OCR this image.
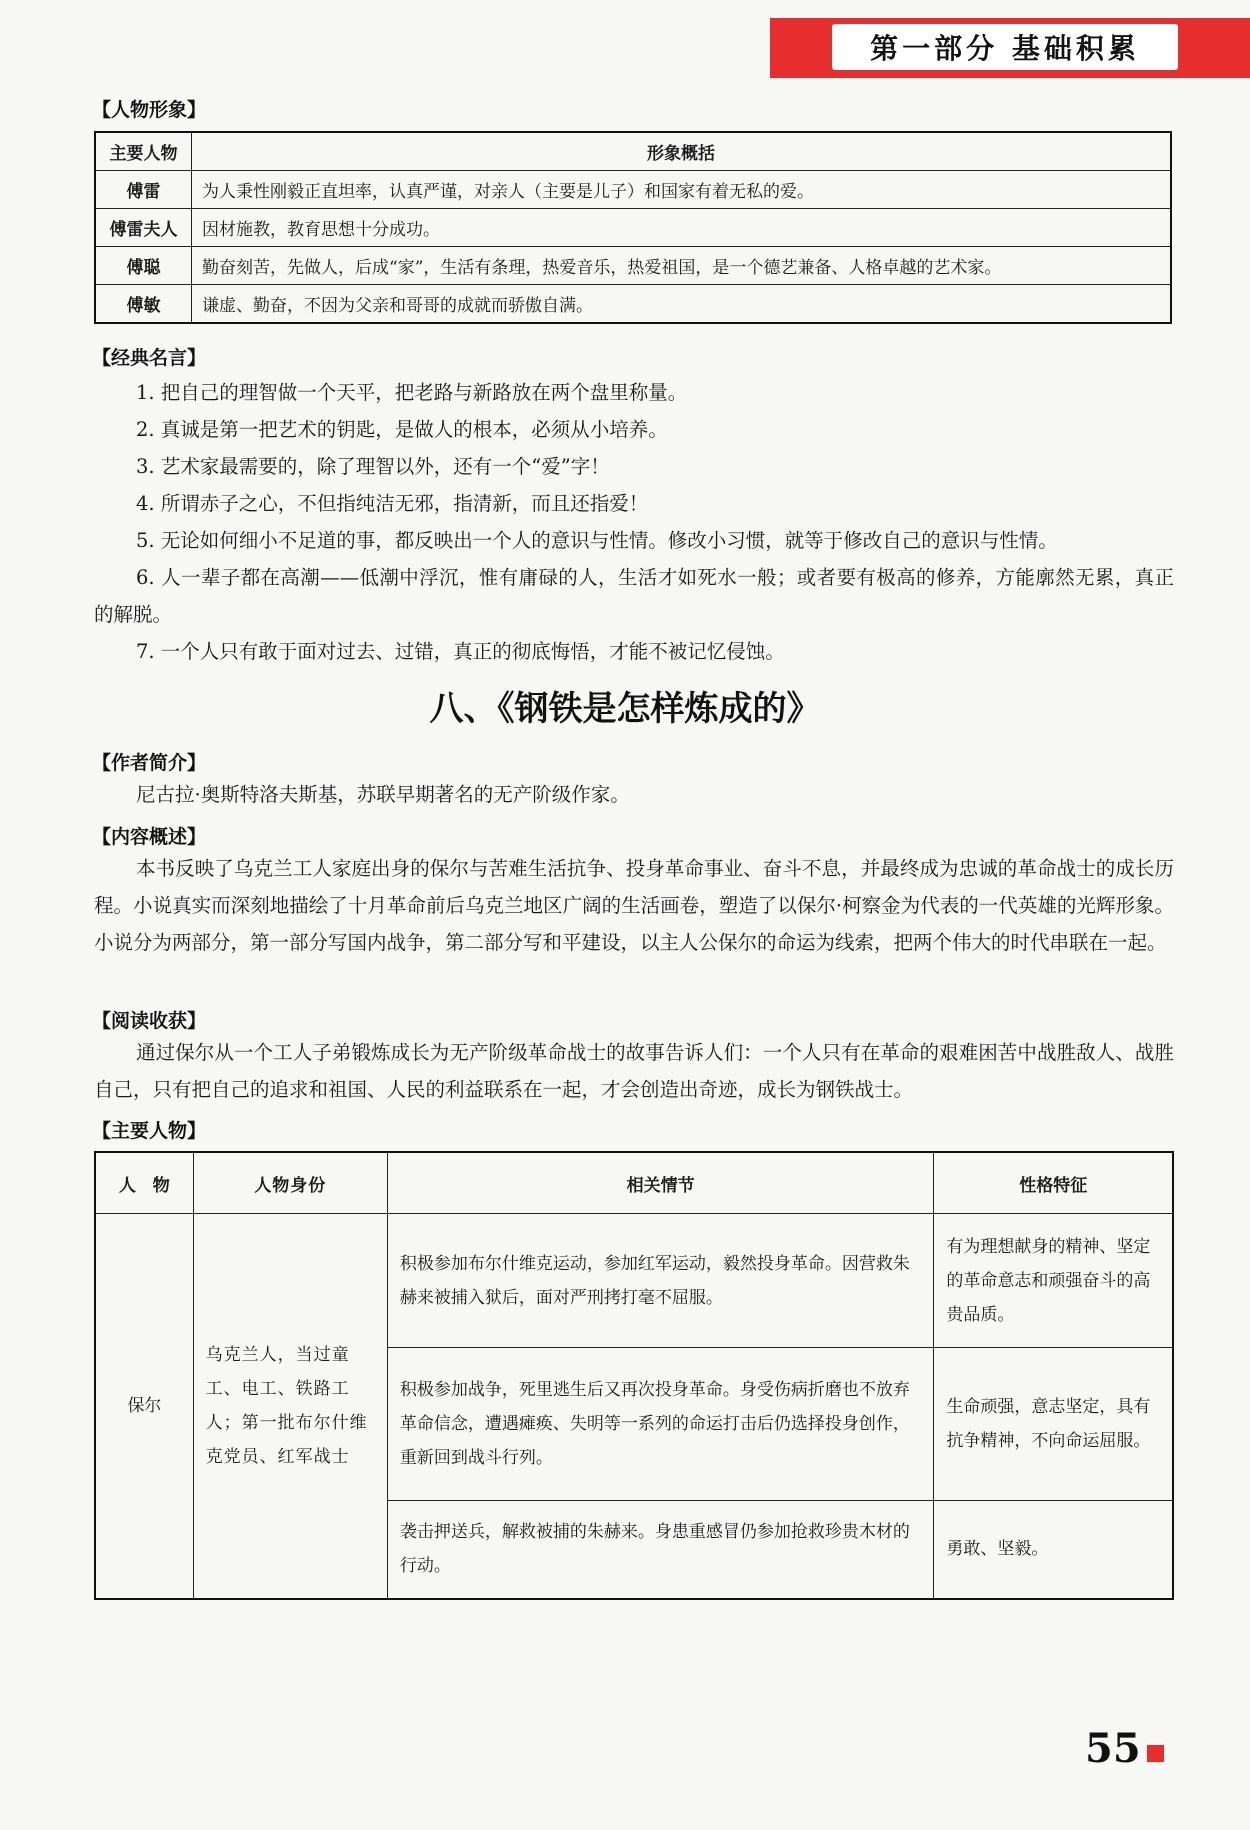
第一部分 基础积累
【人物形象】
主要人物	形象概括
傅雷	为人秉性刚毅正直坦率，认真严谨，对亲人（主要是儿子）和国家有着无私的爱。
傅雷夫人	因材施教，教育思想十分成功。
傅聪	勤奋刻苦，先做人，后成“家”，生活有条理，热爱音乐，热爱祖国，是一个德艺兼备、人格卓越的艺术家。
傅敏	谦虚、勤奋，不因为父亲和哥哥的成就而骄傲自满。
【经典名言】

1. 把自己的理智做一个天平，把老路与新路放在两个盘里称量。

2. 真诚是第一把艺术的钥匙，是做人的根本，必须从小培养。

3. 艺术家最需要的，除了理智以外，还有一个“爱”字！

4. 所谓赤子之心，不但指纯洁无邪，指清新，而且还指爱！

5. 无论如何细小不足道的事，都反映出一个人的意识与性情。修改小习惯，就等于修改自己的意识与性情。

6. 人一辈子都在高潮——低潮中浮沉，惟有庸碌的人，生活才如死水一般；或者要有极高的修养，方能廓然无累，真正的解脱。

7. 一个人只有敢于面对过去、过错，真正的彻底悔悟，才能不被记忆侵蚀。

八、《钢铁是怎样炼成的》
【作者简介】

尼古拉·奥斯特洛夫斯基，苏联早期著名的无产阶级作家。

【内容概述】

本书反映了乌克兰工人家庭出身的保尔与苦难生活抗争、投身革命事业、奋斗不息，并最终成为忠诚的革命战士的成长历程。小说真实而深刻地描绘了十月革命前后乌克兰地区广阔的生活画卷，塑造了以保尔·柯察金为代表的一代英雄的光辉形象。小说分为两部分，第一部分写国内战争，第二部分写和平建设，以主人公保尔的命运为线索，把两个伟大的时代串联在一起。

【阅读收获】

通过保尔从一个工人子弟锻炼成长为无产阶级革命战士的故事告诉人们：一个人只有在革命的艰难困苦中战胜敌人、战胜自己，只有把自己的追求和祖国、人民的利益联系在一起，才会创造出奇迹，成长为钢铁战士。

【主要人物】
人　物	人物身份	相关情节	性格特征
保尔	乌克兰人，当过童工、电工、铁路工人；第一批布尔什维克党员、红军战士	积极参加布尔什维克运动，参加红军运动，毅然投身革命。因营救朱赫来被捕入狱后，面对严刑拷打毫不屈服。	有为理想献身的精神、坚定的革命意志和顽强奋斗的高贵品质。
		积极参加战争，死里逃生后又再次投身革命。身受伤病折磨也不放弃革命信念，遭遇瘫痪、失明等一系列的命运打击后仍选择投身创作，重新回到战斗行列。	生命顽强，意志坚定，具有抗争精神，不向命运屈服。
		袭击押送兵，解救被捕的朱赫来。身患重感冒仍参加抢救珍贵木材的行动。	勇敢、坚毅。
55
